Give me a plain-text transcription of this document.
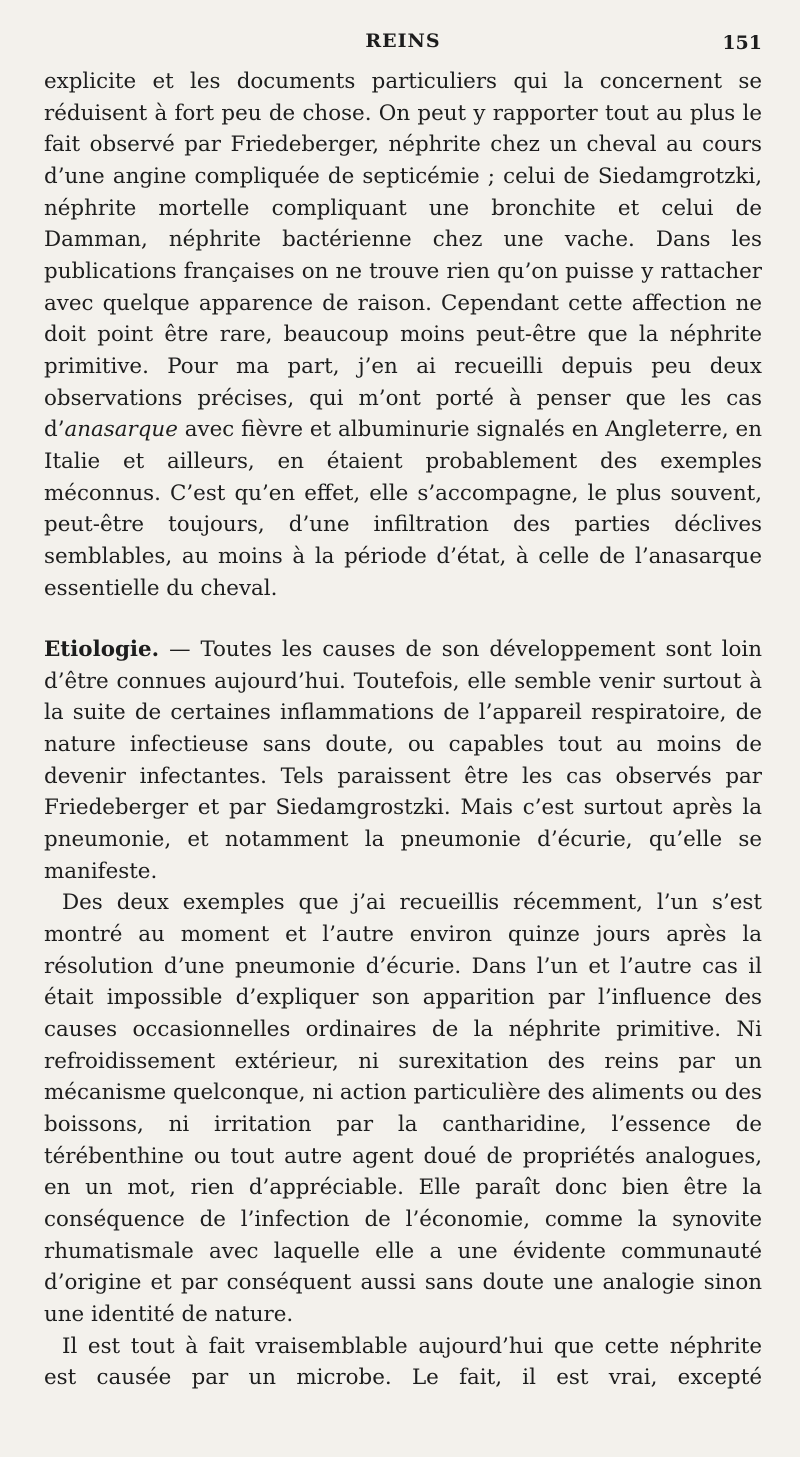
REINS	151

explicite et les documents particuliers qui la concernent se réduisent à fort peu de chose. On peut y rapporter tout au plus le fait observé par Friedeberger, néphrite chez un cheval au cours d’une angine compliquée de septicémie ; celui de Siedamgrotzki, néphrite mortelle compliquant une bronchite et celui de Damman, néphrite bactérienne chez une vache. Dans les publications françaises on ne trouve rien qu’on puisse y rattacher avec quelque apparence de raison. Cependant cette affection ne doit point être rare, beaucoup moins peut-être que la néphrite primitive. Pour ma part, j’en ai recueilli depuis peu deux observations précises, qui m’ont porté à penser que les cas d’anasarque avec fièvre et albuminurie signalés en Angleterre, en Italie et ailleurs, en étaient probablement des exemples méconnus. C’est qu’en effet, elle s’accompagne, le plus souvent, peut-être toujours, d’une infiltration des parties déclives semblables, au moins à la période d’état, à celle de l’anasarque essentielle du cheval.

Etiologie. — Toutes les causes de son développement sont loin d’être connues aujourd’hui. Toutefois, elle semble venir surtout à la suite de certaines inflammations de l’appareil respiratoire, de nature infectieuse sans doute, ou capables tout au moins de devenir infectantes. Tels paraissent être les cas observés par Friedeberger et par Siedamgrostzki. Mais c’est surtout après la pneumonie, et notamment la pneumonie d’écurie, qu’elle se manifeste.

Des deux exemples que j’ai recueillis récemment, l’un s’est montré au moment et l’autre environ quinze jours après la résolution d’une pneumonie d’écurie. Dans l’un et l’autre cas il était impossible d’expliquer son apparition par l’influence des causes occasionnelles ordinaires de la néphrite primitive. Ni refroidissement extérieur, ni surexitation des reins par un mécanisme quelconque, ni action particulière des aliments ou des boissons, ni irritation par la cantharidine, l’essence de térébenthine ou tout autre agent doué de propriétés analogues, en un mot, rien d’appréciable. Elle paraît donc bien être la conséquence de l’infection de l’économie, comme la synovite rhumatismale avec laquelle elle a une évidente communauté d’origine et par conséquent aussi sans doute une analogie sinon une identité de nature.

Il est tout à fait vraisemblable aujourd’hui que cette néphrite est causée par un microbe. Le fait, il est vrai, excepté
